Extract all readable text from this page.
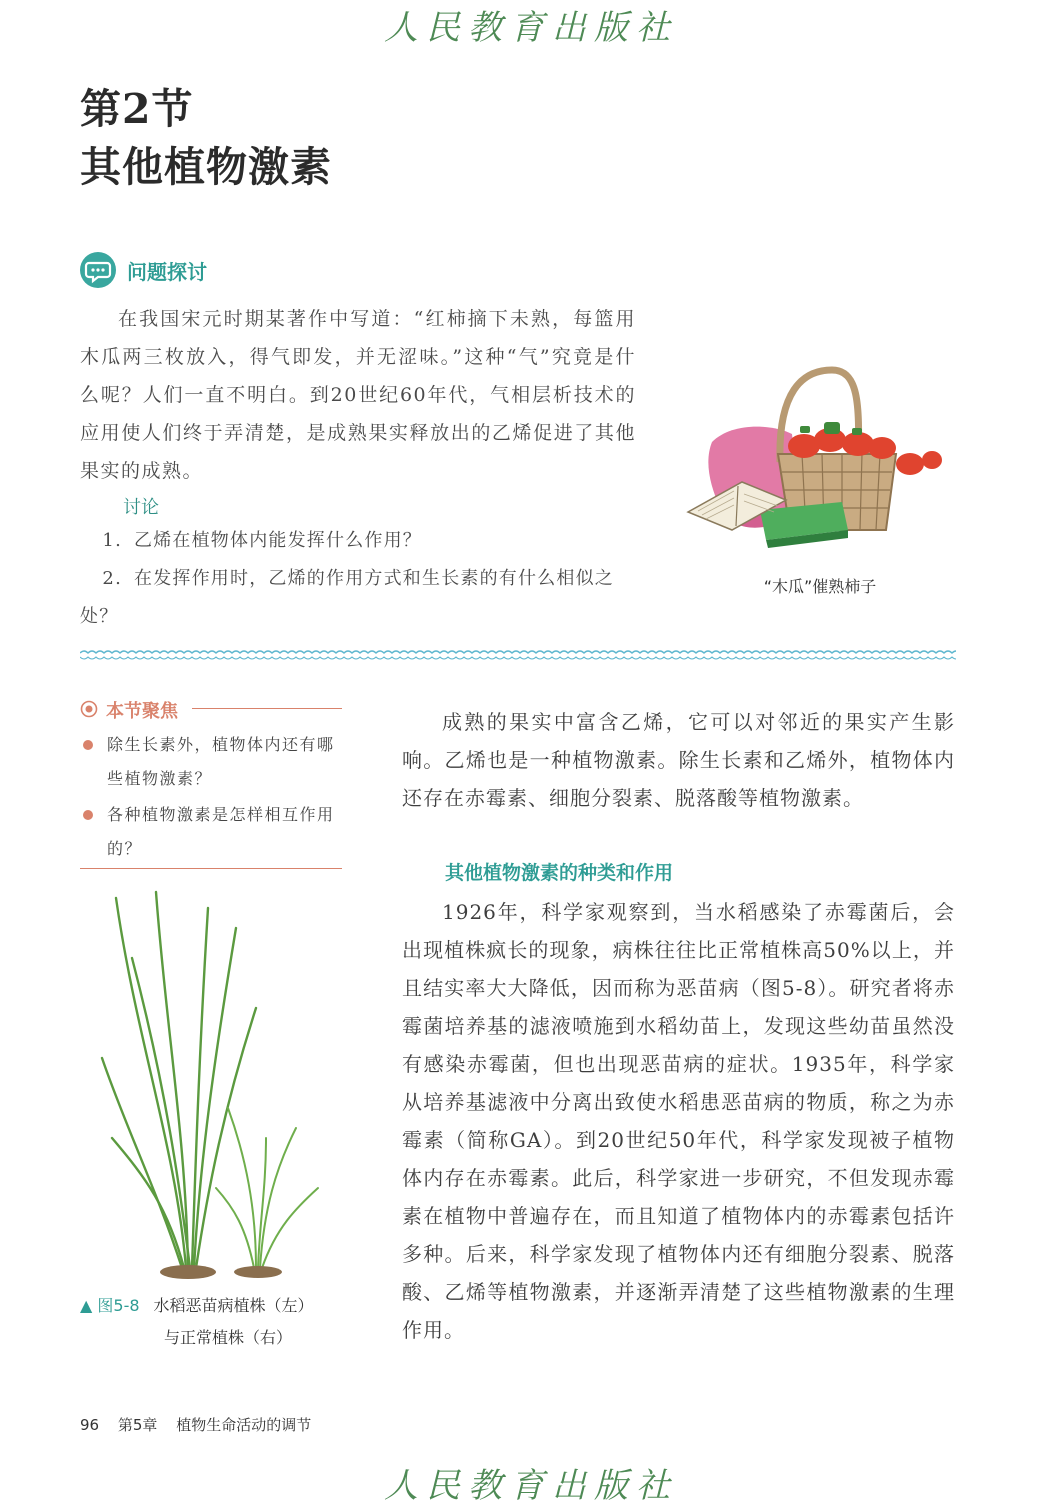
人民教育出版社
第2节
其他植物激素
问题探讨

在我国宋元时期某著作中写道：“红柿摘下未熟，每篮用木瓜两三枚放入，得气即发，并无涩味。”这种“气”究竟是什么呢？人们一直不明白。到20世纪60年代，气相层析技术的应用使人们终于弄清楚，是成熟果实释放出的乙烯促进了其他果实的成熟。

讨论
1. 乙烯在植物体内能发挥什么作用？
2. 在发挥作用时，乙烯的作用方式和生长素的有什么相似之处？
“木瓜”催熟柿子
本节聚焦
除生长素外，植物体内还有哪些植物激素？
各种植物激素是怎样相互作用的？
▲ 图5-8 水稻恶苗病植株（左）
与正常植株（右）

成熟的果实中富含乙烯，它可以对邻近的果实产生影响。乙烯也是一种植物激素。除生长素和乙烯外，植物体内还存在赤霉素、细胞分裂素、脱落酸等植物激素。

其他植物激素的种类和作用

1926年，科学家观察到，当水稻感染了赤霉菌后，会出现植株疯长的现象，病株往往比正常植株高50%以上，并且结实率大大降低，因而称为恶苗病（图5-8）。研究者将赤霉菌培养基的滤液喷施到水稻幼苗上，发现这些幼苗虽然没有感染赤霉菌，但也出现恶苗病的症状。1935年，科学家从培养基滤液中分离出致使水稻患恶苗病的物质，称之为赤霉素（简称GA）。到20世纪50年代，科学家发现被子植物体内存在赤霉素。此后，科学家进一步研究，不但发现赤霉素在植物中普遍存在，而且知道了植物体内的赤霉素包括许多种。后来，科学家发现了植物体内还有细胞分裂素、脱落酸、乙烯等植物激素，并逐渐弄清楚了这些植物激素的生理作用。

96 第5章 植物生命活动的调节
人民教育出版社
